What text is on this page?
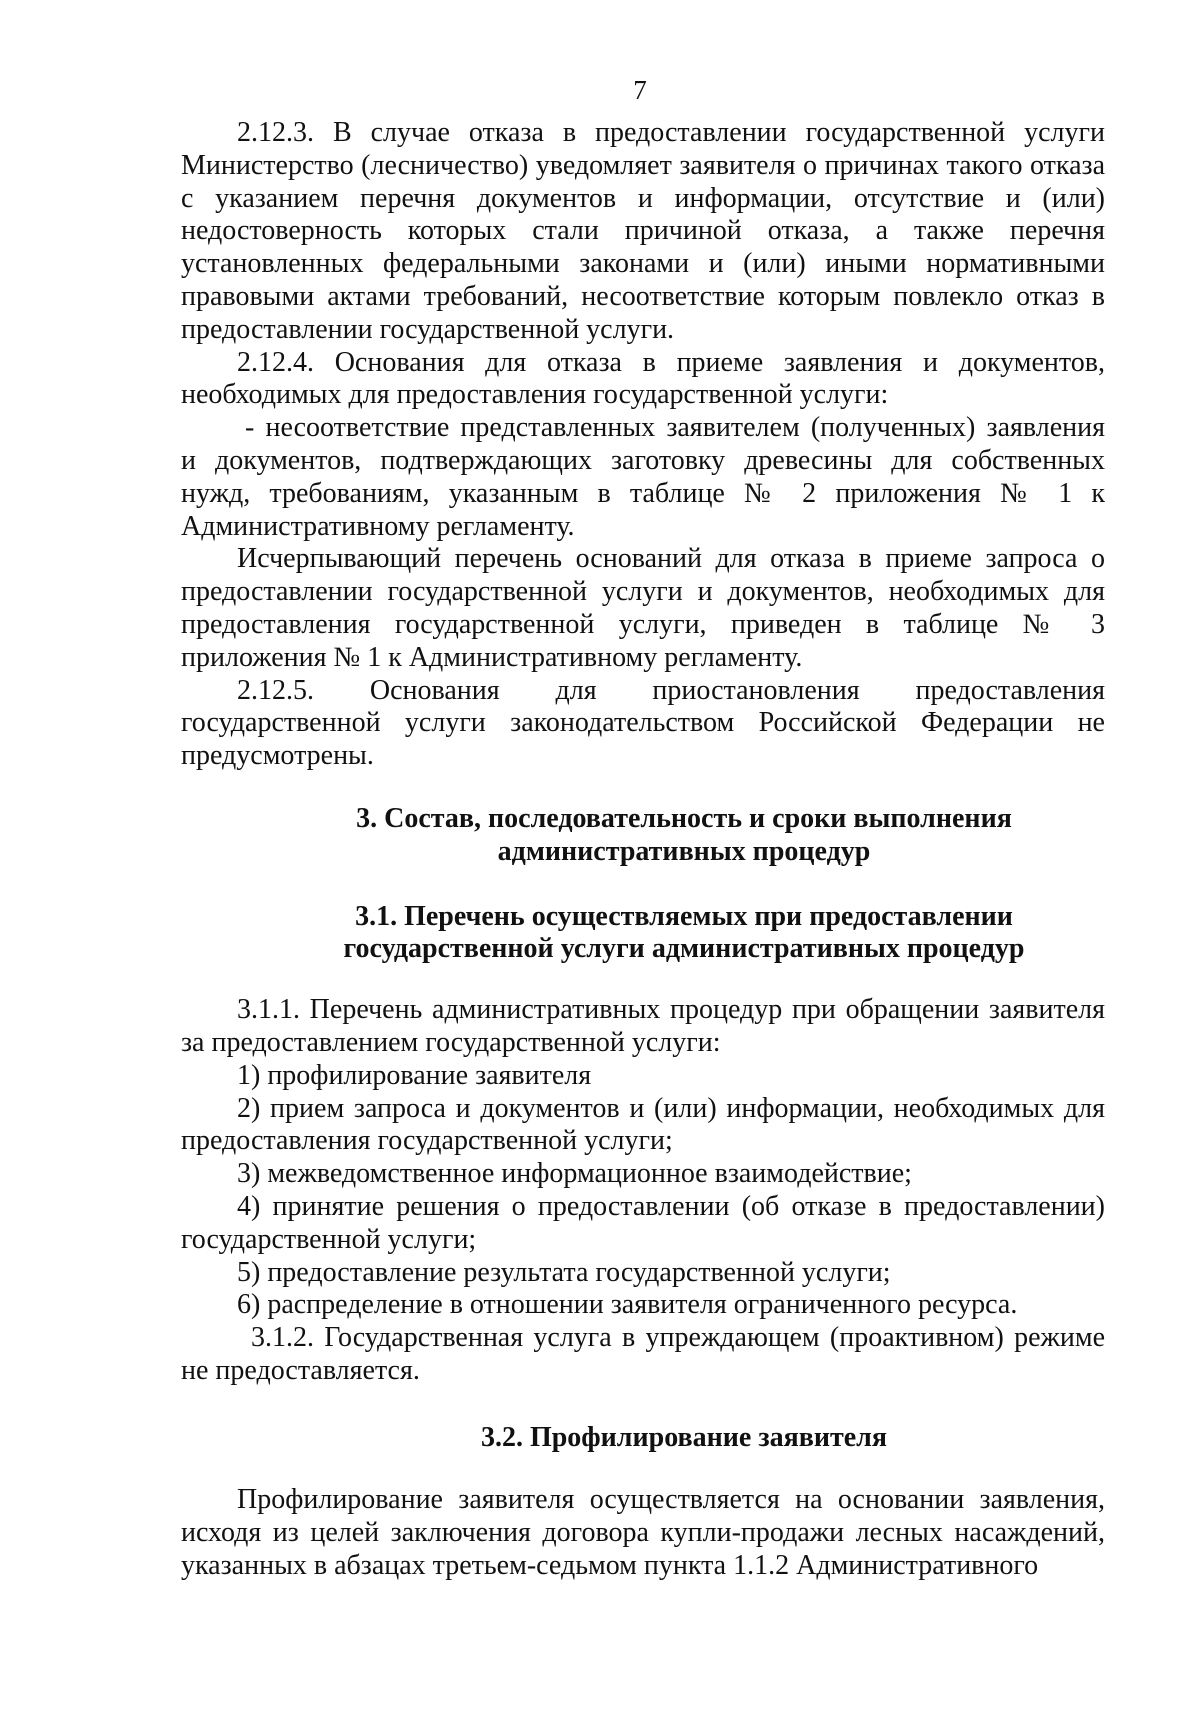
7

2.12.3. В случае отказа в предоставлении государственной услуги Министерство (лесничество) уведомляет заявителя о причинах такого отказа с указанием перечня документов и информации, отсутствие и (или) недостоверность которых стали причиной отказа, а также перечня установленных федеральными законами и (или) иными нормативными правовыми актами требований, несоответствие которым повлекло отказ в предоставлении государственной услуги.

2.12.4. Основания для отказа в приеме заявления и документов, необходимых для предоставления государственной услуги:

- несоответствие представленных заявителем (полученных) заявления и документов, подтверждающих заготовку древесины для собственных нужд, требованиям, указанным в таблице № 2 приложения № 1 к Административному регламенту.

Исчерпывающий перечень оснований для отказа в приеме запроса о предоставлении государственной услуги и документов, необходимых для предоставления государственной услуги, приведен в таблице № 3 приложения № 1 к Административному регламенту.

2.12.5. Основания для приостановления предоставления государственной услуги законодательством Российской Федерации не предусмотрены.

3. Состав, последовательность и сроки выполнения
административных процедур

3.1. Перечень осуществляемых при предоставлении
государственной услуги административных процедур

3.1.1. Перечень административных процедур при обращении заявителя за предоставлением государственной услуги:

1) профилирование заявителя

2) прием запроса и документов и (или) информации, необходимых для предоставления государственной услуги;

3) межведомственное информационное взаимодействие;

4) принятие решения о предоставлении (об отказе в предоставлении) государственной услуги;

5) предоставление результата государственной услуги;

6) распределение в отношении заявителя ограниченного ресурса.

3.1.2. Государственная услуга в упреждающем (проактивном) режиме не предоставляется.

3.2. Профилирование заявителя

Профилирование заявителя осуществляется на основании заявления, исходя из целей заключения договора купли-продажи лесных насаждений, указанных в абзацах третьем-седьмом пункта 1.1.2 Административного
